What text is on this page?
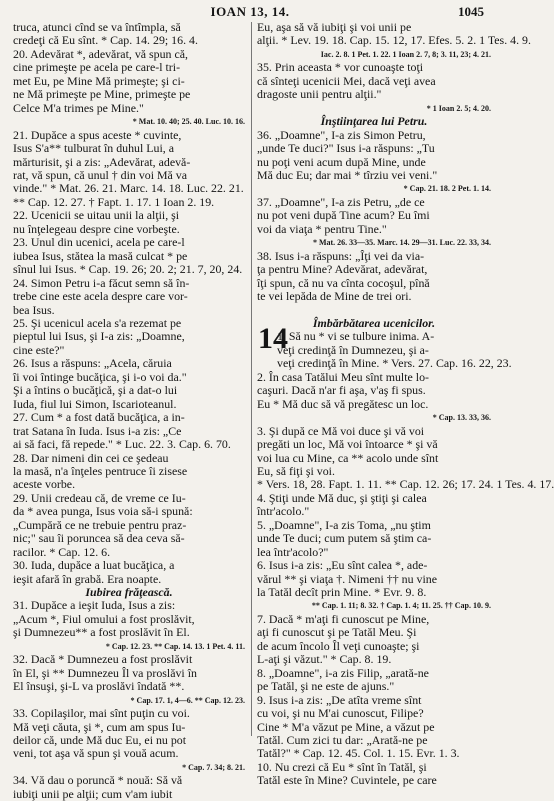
IOAN 13, 14.	1045
truca, atunci cînd se va întîmpla, să
credeţi că Eu sînt. * Cap. 14. 29; 16. 4.
20. Adevărat *, adevărat, vă spun că,
cine primeşte pe acela pe care-l tri-
met Eu, pe Mine Mă primeşte; şi ci-
ne Mă primeşte pe Mine, primeşte pe
Celce M'a trimes pe Mine."
* Mat. 10. 40; 25. 40. Luc. 10. 16.
21. Dupăce a spus aceste * cuvinte,
Isus S'a** tulburat în duhul Lui, a
mărturisit, şi a zis: „Adevărat, adevă-
rat, vă spun, că unul † din voi Mă va
vinde." * Mat. 26. 21. Marc. 14. 18. Luc. 22. 21.
** Cap. 12. 27. † Fapt. 1. 17. 1 Ioan 2. 19.
22. Ucenicii se uitau unii la alţii, şi
nu înţelegeau despre cine vorbeşte.
23. Unul din ucenici, acela pe care-l
iubea Isus, stătea la masă culcat * pe
sînul lui Isus. * Cap. 19. 26; 20. 2; 21. 7, 20, 24.
24. Simon Petru i-a făcut semn să în-
trebe cine este acela despre care vor-
bea Isus.
25. Şi ucenicul acela s'a rezemat pe
pieptul lui Isus, şi I-a zis: „Doamne,
cine este?"
26. Isus a răspuns: „Acela, căruia
îi voi întinge bucăţica, şi i-o voi da."
Şi a întins o bucăţică, şi a dat-o lui
Iuda, fiul lui Simon, Iscarioteanul.
27. Cum * a fost dată bucăţica, a in-
trat Satana în Iuda. Isus i-a zis: „Ce
ai să faci, fă repede." * Luc. 22. 3. Cap. 6. 70.
28. Dar nimeni din cei ce şedeau
la masă, n'a înţeles pentruce îi zisese
aceste vorbe.
29. Unii credeau că, de vreme ce Iu-
da * avea punga, Isus voia să-i spună:
„Cumpără ce ne trebuie pentru praz-
nic;" sau îi poruncea să dea ceva să-
racilor. * Cap. 12. 6.
30. Iuda, dupăce a luat bucăţica, a
ieşit afară în grabă. Era noapte.
Iubirea frăţească.
31. Dupăce a ieşit Iuda, Isus a zis:
„Acum *, Fiul omului a fost proslăvit,
şi Dumnezeu** a fost proslăvit în El.
* Cap. 12. 23. ** Cap. 14. 13. 1 Pet. 4. 11.
32. Dacă * Dumnezeu a fost proslăvit
în El, şi ** Dumnezeu Îl va proslăvi în
El însuşi, şi-L va proslăvi îndată **.
* Cap. 17. 1, 4—6. ** Cap. 12. 23.
33. Copilaşilor, mai sînt puţin cu voi.
Mă veţi căuta, şi *, cum am spus Iu-
deilor că, unde Mă duc Eu, ei nu pot
veni, tot aşa vă spun şi vouă acum.
* Cap. 7. 34; 8. 21.
34. Vă dau o poruncă * nouă: Să vă
iubiţi unii pe alţii; cum v'am iubit
Eu, aşa să vă iubiţi şi voi unii pe
alţii. * Lev. 19. 18. Cap. 15. 12, 17. Efes. 5. 2. 1 Tes. 4. 9.
Iac. 2. 8. 1 Pet. 1. 22. 1 Ioan 2. 7, 8; 3. 11, 23; 4. 21.
35. Prin aceasta * vor cunoaşte toţi
că sînteţi ucenicii Mei, dacă veţi avea
dragoste unii pentru alţii."
* 1 Ioan 2. 5; 4. 20.
Înştiinţarea lui Petru.
36. „Doamne", I-a zis Simon Petru,
„unde Te duci?" Isus i-a răspuns: „Tu
nu poţi veni acum după Mine, unde
Mă duc Eu; dar mai * tîrziu vei veni."
* Cap. 21. 18. 2 Pet. 1. 14.
37. „Doamne", I-a zis Petru, „de ce
nu pot veni după Tine acum? Eu îmi
voi da viaţa * pentru Tine."
* Mat. 26. 33—35. Marc. 14. 29—31. Luc. 22. 33, 34.
38. Isus i-a răspuns: „Îţi vei da via-
ţa pentru Mine? Adevărat, adevărat,
îţi spun, că nu va cînta cocoşul, pînă
te vei lepăda de Mine de trei ori.

Îmbărbătarea ucenicilor.
1. Să nu * vi se tulbure inima. A-
veţi credinţă în Dumnezeu, şi a-
veţi credinţă în Mine. * Vers. 27. Cap. 16. 22, 23.
2. În casa Tatălui Meu sînt multe lo-
caşuri. Dacă n'ar fi aşa, v'aş fi spus.
Eu * Mă duc să vă pregătesc un loc.
* Cap. 13. 33, 36.
3. Şi după ce Mă voi duce şi vă voi
pregăti un loc, Mă voi întoarce * şi vă
voi lua cu Mine, ca ** acolo unde sînt
Eu, să fiţi şi voi.
* Vers. 18, 28. Fapt. 1. 11. ** Cap. 12. 26; 17. 24. 1 Tes. 4. 17.
4. Ştiţi unde Mă duc, şi ştiţi şi calea
într'acolo."
5. „Doamne", I-a zis Toma, „nu ştim
unde Te duci; cum putem să ştim ca-
lea într'acolo?"
6. Isus i-a zis: „Eu sînt calea *, ade-
vărul ** şi viaţa †. Nimeni †† nu vine
la Tatăl decît prin Mine. * Evr. 9. 8.
** Cap. 1. 11; 8. 32. † Cap. 1. 4; 11. 25. †† Cap. 10. 9.
7. Dacă * m'aţi fi cunoscut pe Mine,
aţi fi cunoscut şi pe Tatăl Meu. Şi
de acum încolo Îl veţi cunoaşte; şi
L-aţi şi văzut." * Cap. 8. 19.
8. „Doamne", i-a zis Filip, „arată-ne
pe Tatăl, şi ne este de ajuns."
9. Isus i-a zis: „De atîta vreme sînt
cu voi, şi nu M'ai cunoscut, Filipe?
Cine * M'a văzut pe Mine, a văzut pe
Tatăl. Cum zici tu dar: „Arată-ne pe
Tatăl?" * Cap. 12. 45. Col. 1. 15. Evr. 1. 3.
10. Nu crezi că Eu * sînt în Tatăl, şi
Tatăl este în Mine? Cuvintele, pe care
14
